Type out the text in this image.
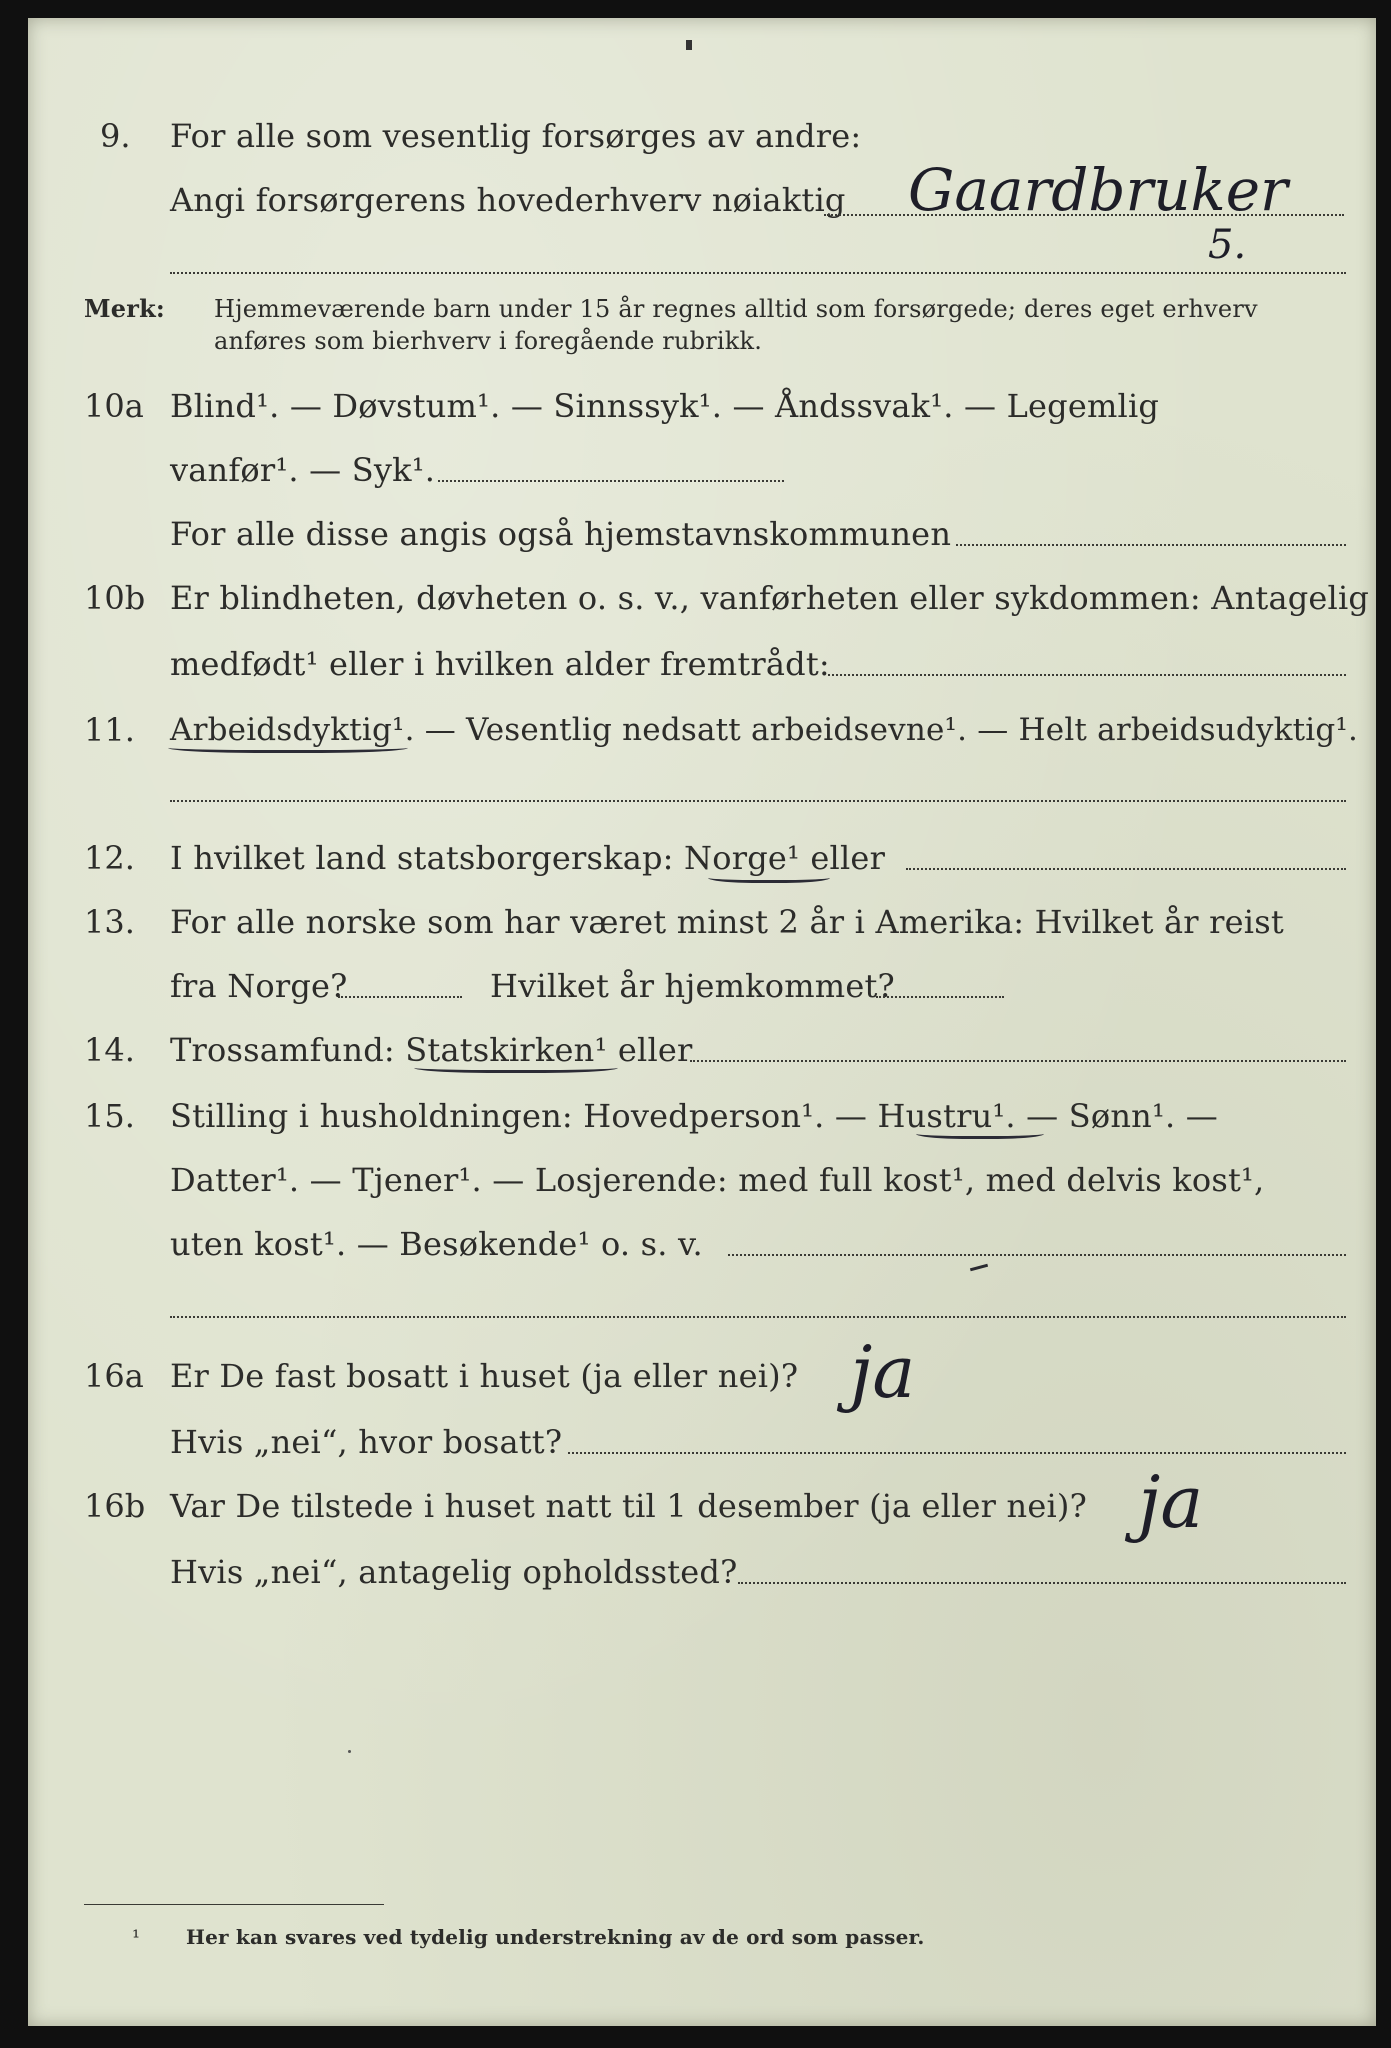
9. For alle som vesentlig forsørges av andre:
Angi forsørgerens hovederhverv nøiaktig Gaardbruker
5.
Merk: Hjemmeværende barn under 15 år regnes alltid som forsørgede; deres eget erhverv
anføres som bierhverv i foregående rubrikk.
10a Blind¹. — Døvstum¹. — Sinnssyk¹. — Åndssvak¹. — Legemlig
vanfør¹. — Syk¹.
For alle disse angis også hjemstavnskommunen
10b Er blindheten, døvheten o. s. v., vanførheten eller sykdommen: Antagelig
medfødt¹ eller i hvilken alder fremtrådt:
11. Arbeidsdyktig¹. — Vesentlig nedsatt arbeidsevne¹. — Helt arbeidsudyktig¹.
12. I hvilket land statsborgerskap: Norge¹ eller
13. For alle norske som har været minst 2 år i Amerika: Hvilket år reist
fra Norge?	Hvilket år hjemkommet?
14. Trossamfund: Statskirken¹ eller
15. Stilling i husholdningen: Hovedperson¹. — Hustru¹. — Sønn¹. —
Datter¹. — Tjener¹. — Losjerende: med full kost¹, med delvis kost¹,
uten kost¹. — Besøkende¹ o. s. v.
16a Er De fast bosatt i huset (ja eller nei)? ja
Hvis „nei“, hvor bosatt?
16b Var De tilstede i huset natt til 1 desember (ja eller nei)? ja
Hvis „nei“, antagelig opholdssted?
¹ Her kan svares ved tydelig understrekning av de ord som passer.
